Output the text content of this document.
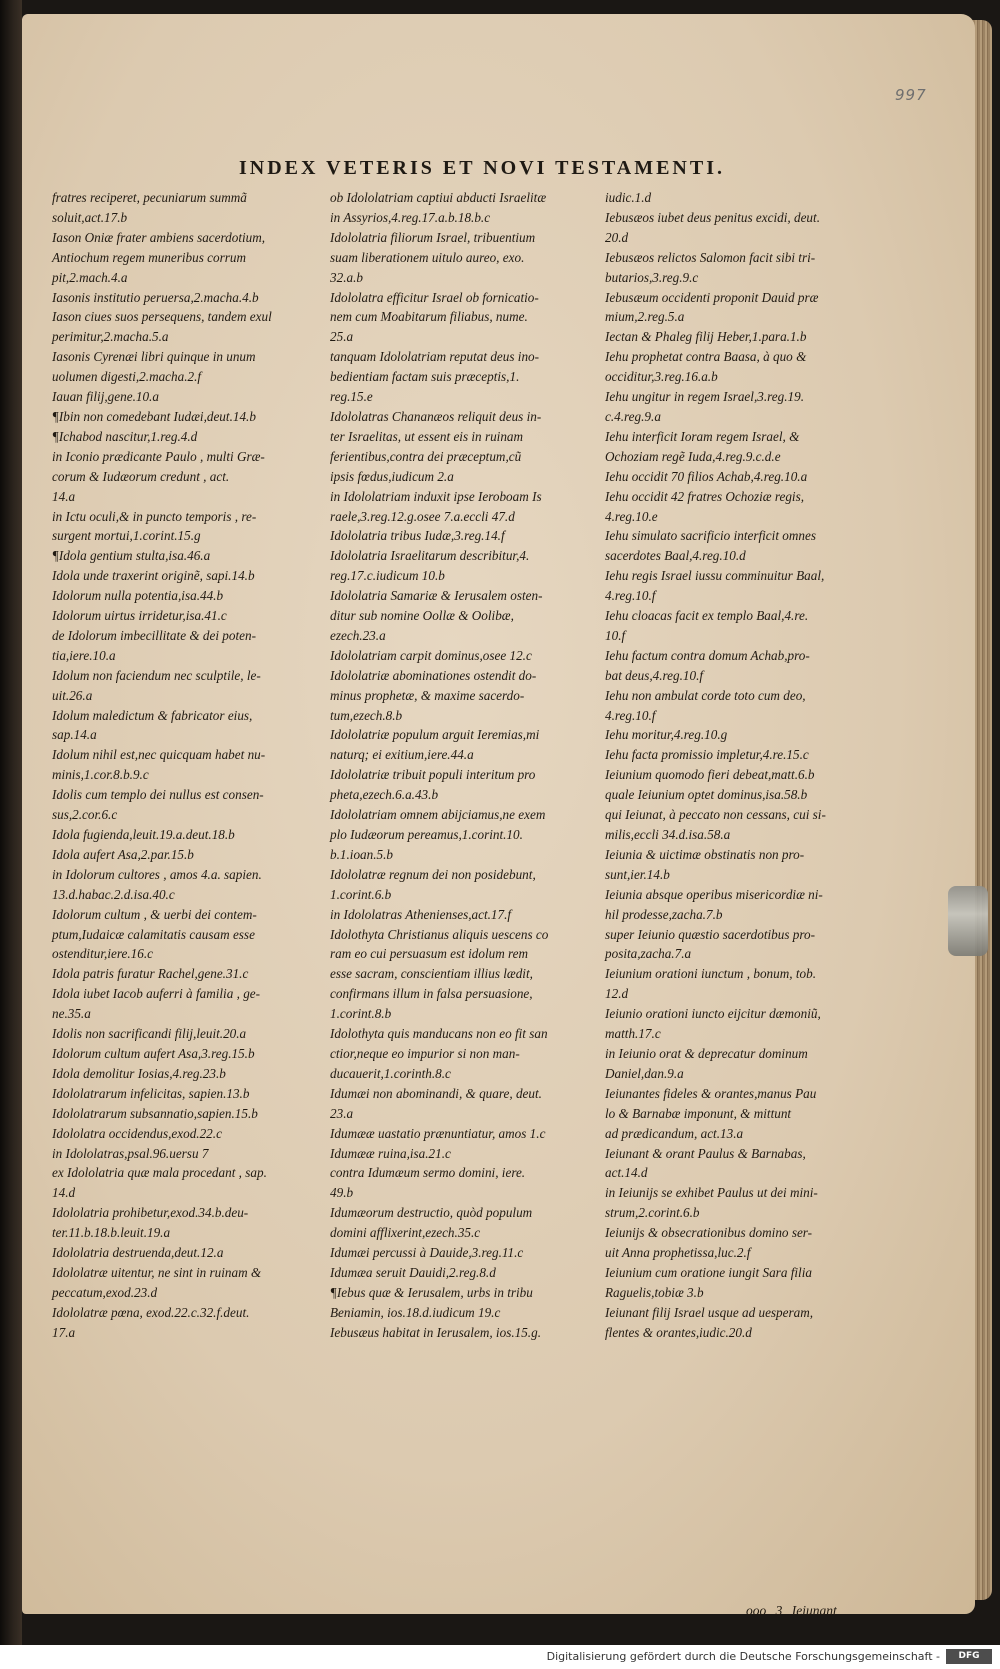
997
INDEX VETERIS ET NOVI TESTAMENTI.
fratres reciperet, pecuniarum summã
soluit,act.17.b
Iason Oniæ frater ambiens sacerdotium,
Antiochum regem muneribus corrum
pit,2.mach.4.a
Iasonis institutio peruersa,2.macha.4.b
Iason ciues suos persequens, tandem exul
perimitur,2.macha.5.a
Iasonis Cyrenæi libri quinque in unum
uolumen digesti,2.macha.2.f
Iauan filij,gene.10.a
¶Ibin non comedebant Iudæi,deut.14.b
¶Ichabod nascitur,1.reg.4.d
in Iconio prædicante Paulo , multi Græ-
corum & Iudæorum credunt , act.
14.a
in Ictu oculi,& in puncto temporis , re-
surgent mortui,1.corint.15.g
¶Idola gentium stulta,isa.46.a
Idola unde traxerint originẽ, sapi.14.b
Idolorum nulla potentia,isa.44.b
Idolorum uirtus irridetur,isa.41.c
de Idolorum imbecillitate & dei poten-
tia,iere.10.a
Idolum non faciendum nec sculptile, le-
uit.26.a
Idolum maledictum & fabricator eius,
sap.14.a
Idolum nihil est,nec quicquam habet nu-
minis,1.cor.8.b.9.c
Idolis cum templo dei nullus est consen-
sus,2.cor.6.c
Idola fugienda,leuit.19.a.deut.18.b
Idola aufert Asa,2.par.15.b
in Idolorum cultores , amos 4.a. sapien.
13.d.habac.2.d.isa.40.c
Idolorum cultum , & uerbi dei contem-
ptum,Iudaicæ calamitatis causam esse
ostenditur,iere.16.c
Idola patris furatur Rachel,gene.31.c
Idola iubet Iacob auferri à familia , ge-
ne.35.a
Idolis non sacrificandi filij,leuit.20.a
Idolorum cultum aufert Asa,3.reg.15.b
Idola demolitur Iosias,4.reg.23.b
Idololatrarum infelicitas, sapien.13.b
Idololatrarum subsannatio,sapien.15.b
Idololatra occidendus,exod.22.c
in Idololatras,psal.96.uersu 7
ex Idololatria quæ mala procedant , sap.
14.d
Idololatria prohibetur,exod.34.b.deu-
ter.11.b.18.b.leuit.19.a
Idololatria destruenda,deut.12.a
Idololatræ uitentur, ne sint in ruinam &
peccatum,exod.23.d
Idololatræ pœna, exod.22.c.32.f.deut.
17.a
ob Idololatriam captiui abducti Israelitæ
in Assyrios,4.reg.17.a.b.18.b.c
Idololatria filiorum Israel, tribuentium
suam liberationem uitulo aureo, exo.
32.a.b
Idololatra efficitur Israel ob fornicatio-
nem cum Moabitarum filiabus, nume.
25.a
tanquam Idololatriam reputat deus ino-
bedientiam factam suis præceptis,1.
reg.15.e
Idololatras Chananæos reliquit deus in-
ter Israelitas, ut essent eis in ruinam
ferientibus,contra dei præceptum,cũ
ipsis fœdus,iudicum 2.a
in Idololatriam induxit ipse Ieroboam Is
raele,3.reg.12.g.osee 7.a.eccli 47.d
Idololatria tribus Iudæ,3.reg.14.f
Idololatria Israelitarum describitur,4.
reg.17.c.iudicum 10.b
Idololatria Samariæ & Ierusalem osten-
ditur sub nomine Oollæ & Oolibæ,
ezech.23.a
Idololatriam carpit dominus,osee 12.c
Idololatriæ abominationes ostendit do-
minus prophetæ, & maxime sacerdo-
tum,ezech.8.b
Idololatriæ populum arguit Ieremias,mi
naturq; ei exitium,iere.44.a
Idololatriæ tribuit populi interitum pro
pheta,ezech.6.a.43.b
Idololatriam omnem abijciamus,ne exem
plo Iudæorum pereamus,1.corint.10.
b.1.ioan.5.b
Idololatræ regnum dei non posidebunt,
1.corint.6.b
in Idololatras Athenienses,act.17.f
Idolothyta Christianus aliquis uescens co
ram eo cui persuasum est idolum rem
esse sacram, conscientiam illius lædit,
confirmans illum in falsa persuasione,
1.corint.8.b
Idolothyta quis manducans non eo fit san
ctior,neque eo impurior si non man-
ducauerit,1.corinth.8.c
Idumæi non abominandi, & quare, deut.
23.a
Idumææ uastatio prænuntiatur, amos 1.c
Idumææ ruina,isa.21.c
contra Idumæum sermo domini, iere.
49.b
Idumæorum destructio, quòd populum
domini afflixerint,ezech.35.c
Idumæi percussi à Dauide,3.reg.11.c
Idumæa seruit Dauidi,2.reg.8.d
¶Iebus quæ & Ierusalem, urbs in tribu
Beniamin, ios.18.d.iudicum 19.c
Iebusæus habitat in Ierusalem, ios.15.g.
iudic.1.d
Iebusæos iubet deus penitus excidi, deut.
20.d
Iebusæos relictos Salomon facit sibi tri-
butarios,3.reg.9.c
Iebusæum occidenti proponit Dauid præ
mium,2.reg.5.a
Iectan & Phaleg filij Heber,1.para.1.b
Iehu prophetat contra Baasa, à quo &
occiditur,3.reg.16.a.b
Iehu ungitur in regem Israel,3.reg.19.
c.4.reg.9.a
Iehu interficit Ioram regem Israel, &
Ochoziam regẽ Iuda,4.reg.9.c.d.e
Iehu occidit 70 filios Achab,4.reg.10.a
Iehu occidit 42 fratres Ochoziæ regis,
4.reg.10.e
Iehu simulato sacrificio interficit omnes
sacerdotes Baal,4.reg.10.d
Iehu regis Israel iussu comminuitur Baal,
4.reg.10.f
Iehu cloacas facit ex templo Baal,4.re.
10.f
Iehu factum contra domum Achab,pro-
bat deus,4.reg.10.f
Iehu non ambulat corde toto cum deo,
4.reg.10.f
Iehu moritur,4.reg.10.g
Iehu facta promissio impletur,4.re.15.c
Ieiunium quomodo fieri debeat,matt.6.b
quale Ieiunium optet dominus,isa.58.b
qui Ieiunat, à peccato non cessans, cui si-
milis,eccli 34.d.isa.58.a
Ieiunia & uictimæ obstinatis non pro-
sunt,ier.14.b
Ieiunia absque operibus misericordiæ ni-
hil prodesse,zacha.7.b
super Ieiunio quæstio sacerdotibus pro-
posita,zacha.7.a
Ieiunium orationi iunctum , bonum, tob.
12.d
Ieiunio orationi iuncto eijcitur dæmoniũ,
matth.17.c
in Ieiunio orat & deprecatur dominum
Daniel,dan.9.a
Ieiunantes fideles & orantes,manus Pau
lo & Barnabæ imponunt, & mittunt
ad prædicandum, act.13.a
Ieiunant & orant Paulus & Barnabas,
act.14.d
in Ieiunijs se exhibet Paulus ut dei mini-
strum,2.corint.6.b
Ieiunijs & obsecrationibus domino ser-
uit Anna prophetissa,luc.2.f
Ieiunium cum oratione iungit Sara filia
Raguelis,tobiæ 3.b
Ieiunant filij Israel usque ad uesperam,
flentes & orantes,iudic.20.d
ooo 3 Ieiunant
Digitalisierung gefördert durch die Deutsche Forschungsgemeinschaft -	DFG
